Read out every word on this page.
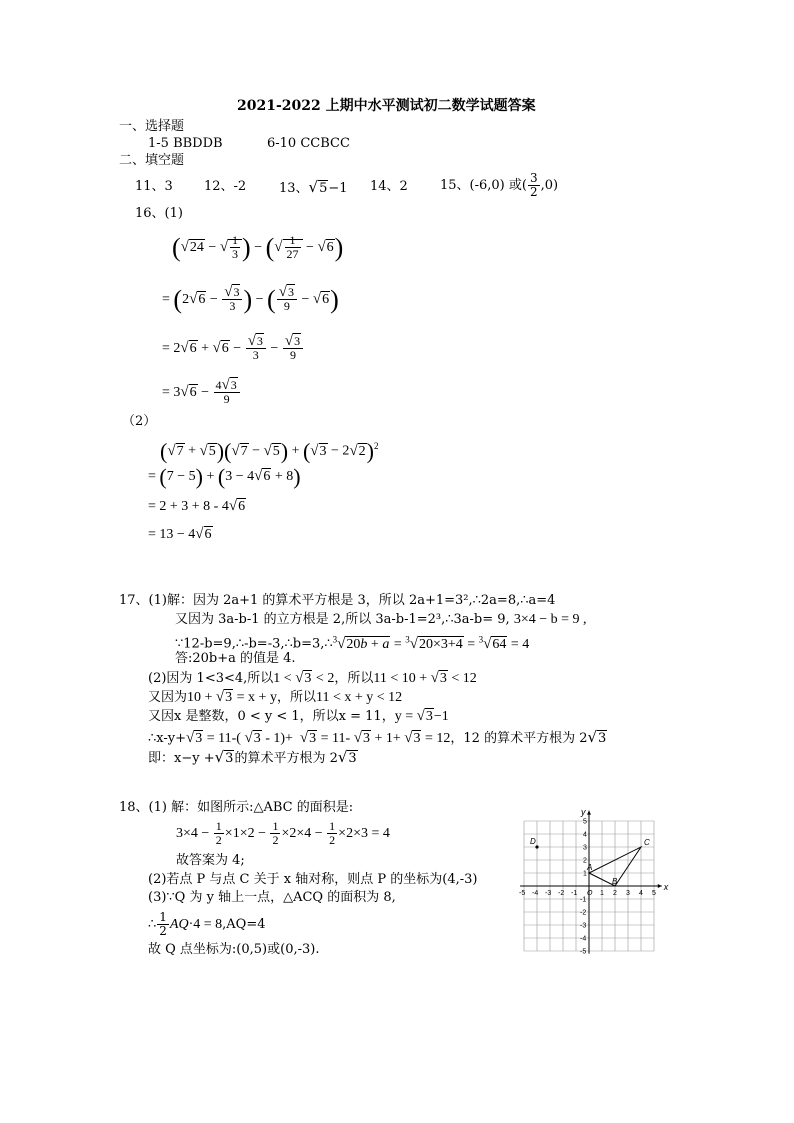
2021-2022 上期中水平测试初二数学试题答案
一、选择题
1-5 BBDDB	6-10 CCBCC
二、填空题
11、3 12、-2	13、√5−1 14、2 15、(-6,0) 或( $\frac{3}{2} ,0$)
16、(1)
(√24 − √ $\frac{1}{3}$ ) − (√ $\frac{1}{27} - √6$)
= ($2√6 - \frac{√3}{3}$ ) − ( $\frac{√3}{9} - √6$)
= $2√6 + √6 - \frac{√3}{3} - \frac{√3}{9}$
= $3√6 - \frac{4√3}{9}$
（2）
$(√7 + √5)(√7 - √5) + (√3 - 2√2)^2$
= (7 − 5) + (3 − 4√6 + 8)
= 2 + 3 + 8 - 4√6
= 13 − 4√6
17、(1)解：因为 2a+1 的算术平方根是 3，所以 2a+1=3²,∴2a=8,∴a=4
又因为 3a-b-1 的立方根是 2,所以 3a-b-1=2³,∴3a-b= 9, 3×4 − b = 9 ,
∵12-b=9,∴-b=-3,∴b=3,∴$^3$√20b + a = $^3$√20×3+4 = $^3$√64 = 4
答:20b+a 的值是 4.
(2)因为 1<3<4,所以1 < √3 < 2，所以11 < 10 + √3 < 12
又因为10 + √3 = x + y，所以11 < x + y < 12
又因x 是整数，0 < y < 1，所以x = 11，y = √3−1
∴x-y+√3 = 11-( √3 - 1)+  √3 = 11- √3 + 1+ √3 = 12，12 的算术平方根为 2√3
即：x−y +√3的算术平方根为 2√3
18、(1) 解：如图所示:△ABC 的面积是:
$3\times 4 - \frac{1}{2} \times 1\times 2 - \frac{1}{2} \times 2\times 4 - \frac{1}{2} \times 2\times 3 = 4$
故答案为 4;
(2)若点 P 与点 C 关于 x 轴对称，则点 P 的坐标为(4,-3)
(3)∵Q 为 y 轴上一点，△ACQ 的面积为 8,
∴ $\frac{1}{2} AQ\cdot 4 = 8,AQ=4$
故 Q 点坐标为:(0,5)或(0,-3).
x
y
-5 -4 -3 -2 -1 O 1 2 3 4 5
5
4
3
2
1
-1
-2
-3
-4
-5
A
B
C
D
